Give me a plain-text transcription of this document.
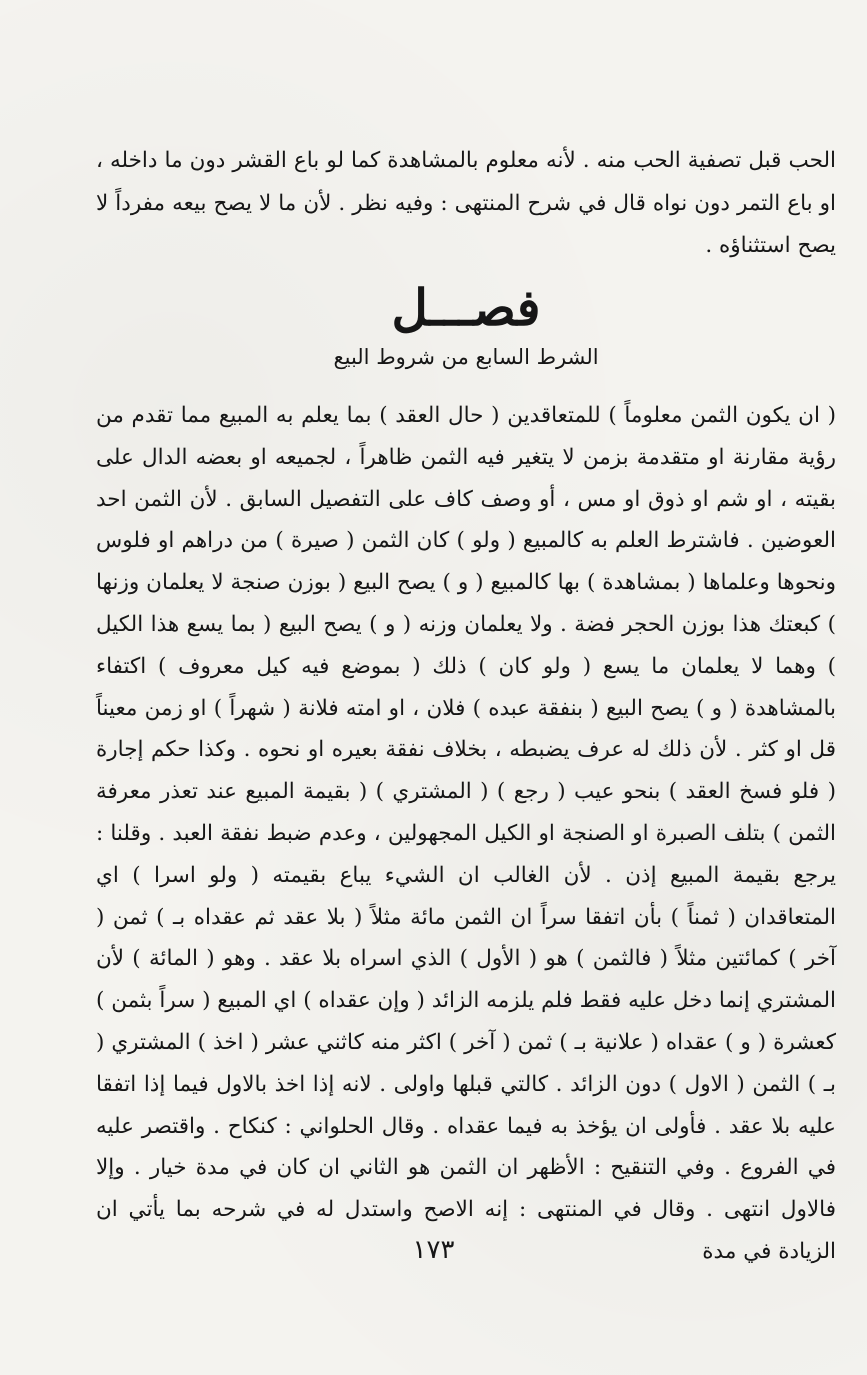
الحب قبل تصفية الحب منه . لأنه معلوم بالمشاهدة كما لو باع القشر دون ما داخله ، او باع التمر دون نواه قال في شرح المنتهى : وفيه نظر . لأن ما لا يصح بيعه مفرداً لا يصح استثناؤه .

فصـــل
الشرط السابع من شروط البيع

( ان يكون الثمن معلوماً ) للمتعاقدين ( حال العقد ) بما يعلم به المبيع مما تقدم من رؤية مقارنة او متقدمة بزمن لا يتغير فيه الثمن ظاهراً ، لجميعه او بعضه الدال على بقيته ، او شم او ذوق او مس ، أو وصف كاف على التفصيل السابق . لأن الثمن احد العوضين . فاشترط العلم به كالمبيع ( ولو ) كان الثمن ( صيرة ) من دراهم او فلوس ونحوها وعلماها ( بمشاهدة ) بها كالمبيع ( و ) يصح البيع ( بوزن صنجة لا يعلمان وزنها ) كبعتك هذا بوزن الحجر فضة . ولا يعلمان وزنه ( و ) يصح البيع ( بما يسع هذا الكيل ) وهما لا يعلمان ما يسع ( ولو كان ) ذلك ( بموضع فيه كيل معروف ) اكتفاء بالمشاهدة ( و ) يصح البيع ( بنفقة عبده ) فلان ، او امته فلانة ( شهراً ) او زمن معيناً قل او كثر . لأن ذلك له عرف يضبطه ، بخلاف نفقة بعيره او نحوه . وكذا حكم إجارة ( فلو فسخ العقد ) بنحو عيب ( رجع ) ( المشتري ) ( بقيمة المبيع عند تعذر معرفة الثمن ) بتلف الصبرة او الصنجة او الكيل المجهولين ، وعدم ضبط نفقة العبد . وقلنا : يرجع بقيمة المبيع إذن . لأن الغالب ان الشيء يباع بقيمته ( ولو اسرا ) اي المتعاقدان ( ثمناً ) بأن اتفقا سراً ان الثمن مائة مثلاً ( بلا عقد ثم عقداه بـ ) ثمن ( آخر ) كمائتين مثلاً ( فالثمن ) هو ( الأول ) الذي اسراه بلا عقد . وهو ( المائة ) لأن المشتري إنما دخل عليه فقط فلم يلزمه الزائد ( وإن عقداه ) اي المبيع ( سراً بثمن ) كعشرة ( و ) عقداه ( علانية بـ ) ثمن ( آخر ) اكثر منه كاثني عشر ( اخذ ) المشتري ( بـ ) الثمن ( الاول ) دون الزائد . كالتي قبلها واولى . لانه إذا اخذ بالاول فيما إذا اتفقا عليه بلا عقد . فأولى ان يؤخذ به فيما عقداه . وقال الحلواني : كنكاح . واقتصر عليه في الفروع . وفي التنقيح : الأظهر ان الثمن هو الثاني ان كان في مدة خيار . وإلا فالاول انتهى . وقال في المنتهى : إنه الاصح واستدل له في شرحه بما يأتي ان الزيادة في مدة

١٧٣
